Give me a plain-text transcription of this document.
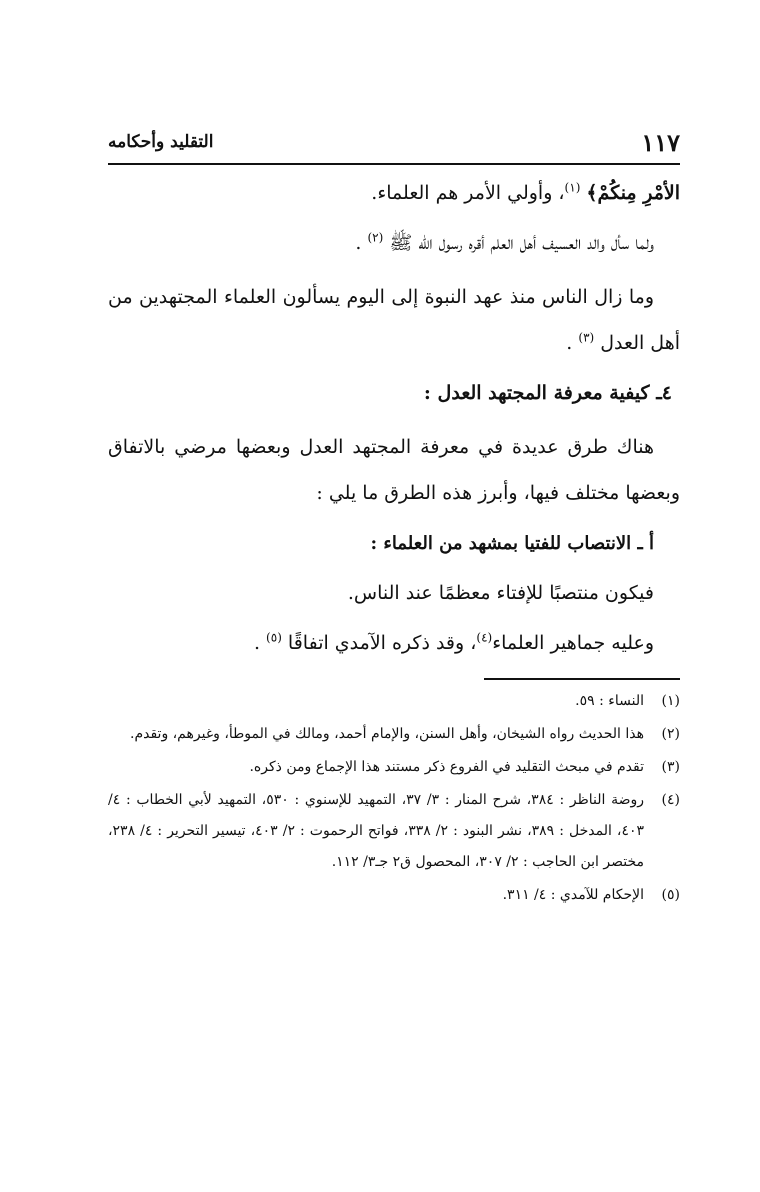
١١٧
التقليد وأحكامه

الأمْرِ مِنكُمْ﴾ $^{(١)}$، وأولي الأمر هم العلماء.

ولما سأل والد العسيف أهل العلم أقره رسول الله ﷺ $^{(٢)}$ .

وما زال الناس منذ عهد النبوة إلى اليوم يسألون العلماء المجتهدين من أهل العدل $^{(٣)}$ .

٤ـ كيفية معرفة المجتهد العدل :

هناك طرق عديدة في معرفة المجتهد العدل وبعضها مرضي بالاتفاق وبعضها مختلف فيها، وأبرز هذه الطرق ما يلي :

أ ـ الانتصاب للفتيا بمشهد من العلماء :

فيكون منتصبًا للإفتاء معظمًا عند الناس.

وعليه جماهير العلماء$^{(٤)}$، وقد ذكره الآمدي اتفاقًا $^{(٥)}$ .

(١)
النساء : ٥٩.
(٢)
هذا الحديث رواه الشيخان، وأهل السنن، والإمام أحمد، ومالك في الموطأ، وغيرهم، وتقدم.
(٣)
تقدم في مبحث التقليد في الفروع ذكر مستند هذا الإجماع ومن ذكره.
(٤)
روضة الناظر : ٣٨٤، شرح المنار : ٣/ ٣٧، التمهيد للإسنوي : ٥٣٠، التمهيد لأبي الخطاب : ٤/ ٤٠٣، المدخل : ٣٨٩، نشر البنود : ٢/ ٣٣٨، فواتح الرحموت : ٢/ ٤٠٣، تيسير التحرير : ٤/ ٢٣٨، مختصر ابن الحاجب : ٢/ ٣٠٧، المحصول ق٢ جـ٣/ ١١٢.
(٥)
الإحكام للآمدي : ٤/ ٣١١.
